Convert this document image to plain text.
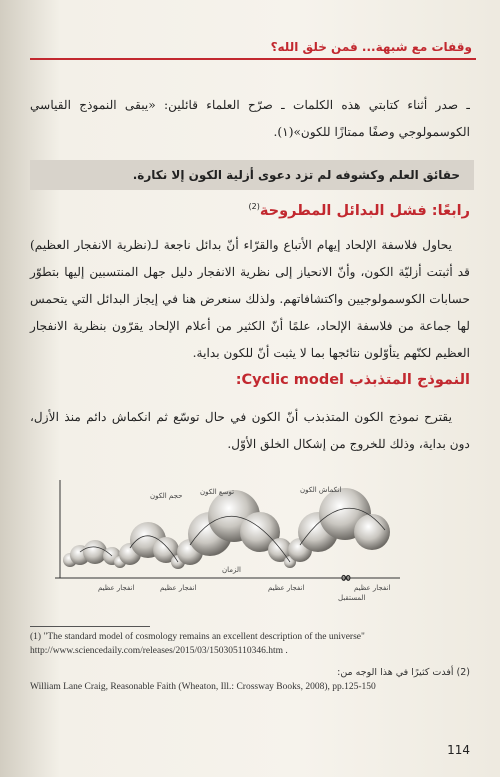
وقفات مع شبهة... فمن خلق الله؟
ـ صدر أثناء كتابتي هذه الكلمات ـ صرّح العلماء قائلين: «يبقى النموذج القياسي الكوسمولوجي وصفًا ممتازًا للكون»(١).
حقائق العلم وكشوفه لم تزد دعوى أزلية الكون إلا نكارة.
رابعًا: فشل البدائل المطروحة$^{(2)}$
يحاول فلاسفة الإلحاد إيهام الأتباع والقرّاء أنّ بدائل ناجعة لـ(نظرية الانفجار العظيم) قد أثبتت أزليّة الكون، وأنّ الانحياز إلى نظرية الانفجار دليل جهل المنتسبين إليها بتطوّر حسابات الكوسمولوجيين واكتشافاتهم. ولذلك سنعرض هنا في إيجاز البدائل التي يتحمس لها جماعة من فلاسفة الإلحاد، علمًا أنّ الكثير من أعلام الإلحاد يقرّون بنظرية الانفجار العظيم لكنّهم يتأوّلون نتائجها بما لا يثبت أنّ للكون بداية.
النموذج المتذبذب Cyclic model:
يقترح نموذج الكون المتذبذب أنّ الكون في حال توسّع ثم انكماش دائم منذ الأزل، دون بداية، وذلك للخروج من إشكال الخلق الأوّل.
حجم الكون	توسع الكون	انكماش الكون
الزمان
انفجار عظيم	انفجار عظيم	انفجار عظيم	انفجار عظيم
∞
المستقبل
(1) "The standard model of cosmology remains an excellent description of the universe" http://www.sciencedaily.com/releases/2015/03/150305110346.htm .
(2) أفدت كثيرًا في هذا الوجه من:
William Lane Craig, Reasonable Faith (Wheaton, Ill.: Crossway Books, 2008), pp.125-150
114
